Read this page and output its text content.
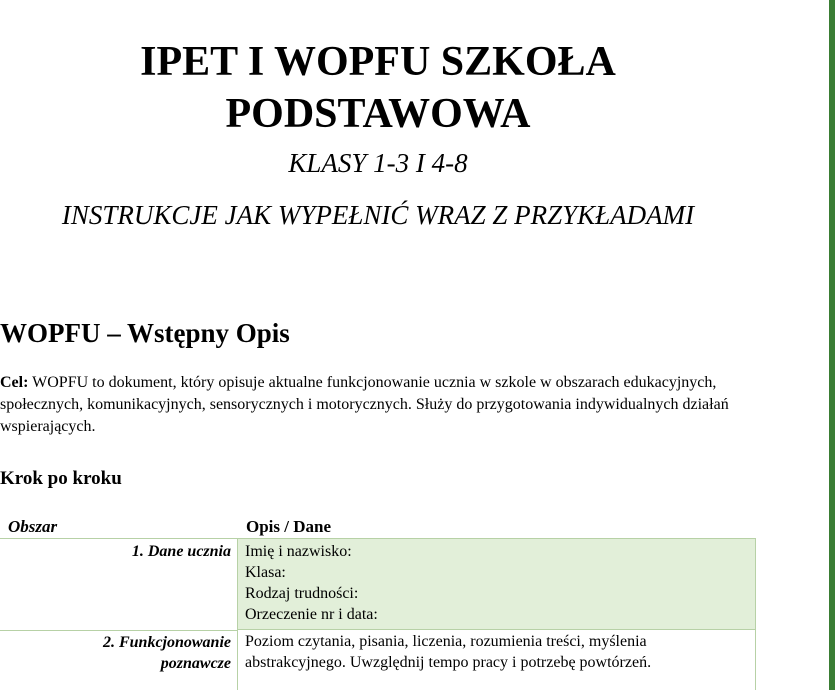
IPET I WOPFU SZKOŁA
PODSTAWOWA
KLASY 1-3 I 4-8
INSTRUKCJE JAK WYPEŁNIĆ WRAZ Z PRZYKŁADAMI
WOPFU – Wstępny Opis
Cel: WOPFU to dokument, który opisuje aktualne funkcjonowanie ucznia w szkole w obszarach edukacyjnych, społecznych, komunikacyjnych, sensorycznych i motorycznych. Służy do przygotowania indywidualnych działań wspierających.
Krok po kroku
Obszar	Opis / Dane
1. Dane ucznia Imię i nazwisko:
Klasa:
Rodzaj trudności:
Orzeczenie nr i data:
2. Funkcjonowanie
poznawcze
Poziom czytania, pisania, liczenia, rozumienia treści, myślenia abstrakcyjnego. Uwzględnij tempo pracy i potrzebę powtórzeń.
